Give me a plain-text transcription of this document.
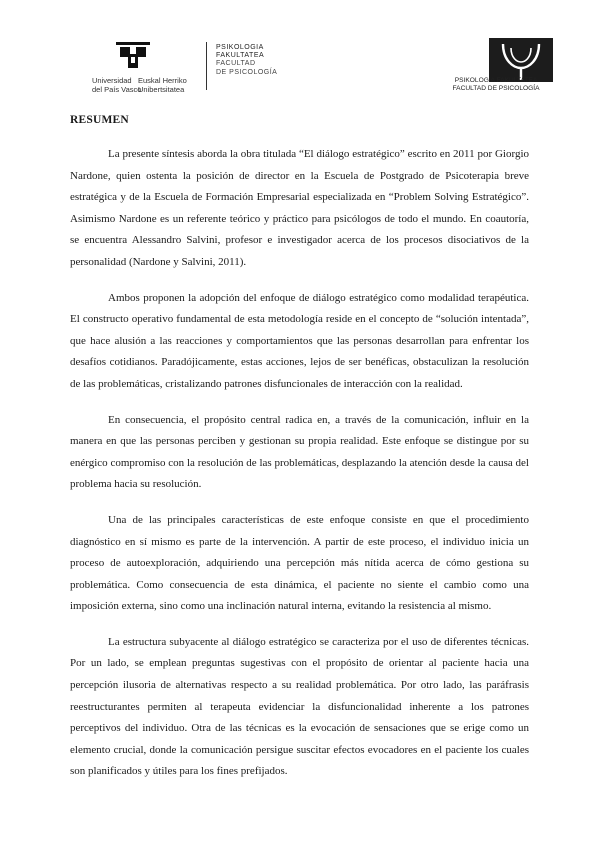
Universidad
del País Vasco
Euskal Herriko
Unibertsitatea
PSIKOLOGIA
FAKULTATEA
FACULTAD
DE PSICOLOGÍA
PSIKOLOGIA FAKULTATEA
FACULTAD DE PSICOLOGÍA
RESUMEN

La presente síntesis aborda la obra titulada “El diálogo estratégico” escrito en 2011 por Giorgio Nardone, quien ostenta la posición de director en la Escuela de Postgrado de Psicoterapia breve estratégica y de la Escuela de Formación Empresarial especializada en “Problem Solving Estratégico”. Asimismo Nardone es un referente teórico y práctico para psicólogos de todo el mundo. En coautoría, se encuentra Alessandro Salvini, profesor e investigador acerca de los procesos disociativos de la personalidad (Nardone y Salvini, 2011).

Ambos proponen la adopción del enfoque de diálogo estratégico como modalidad terapéutica. El constructo operativo fundamental de esta metodología reside en el concepto de “solución intentada”, que hace alusión a las reacciones y comportamientos que las personas desarrollan para enfrentar los desafíos cotidianos. Paradójicamente, estas acciones, lejos de ser benéficas, obstaculizan la resolución de las problemáticas, cristalizando patrones disfuncionales de interacción con la realidad.

En consecuencia, el propósito central radica en, a través de la comunicación, influir en la manera en que las personas perciben y gestionan su propia realidad. Este enfoque se distingue por su enérgico compromiso con la resolución de las problemáticas, desplazando la atención desde la causa del problema hacia su resolución.

Una de las principales características de este enfoque consiste en que el procedimiento diagnóstico en sí mismo es parte de la intervención. A partir de este proceso, el individuo inicia un proceso de autoexploración, adquiriendo una percepción más nítida acerca de cómo gestiona su problemática. Como consecuencia de esta dinámica, el paciente no siente el cambio como una imposición externa, sino como una inclinación natural interna, evitando la resistencia al mismo.

La estructura subyacente al diálogo estratégico se caracteriza por el uso de diferentes técnicas. Por un lado, se emplean preguntas sugestivas con el propósito de orientar al paciente hacia una percepción ilusoria de alternativas respecto a su realidad problemática. Por otro lado, las paráfrasis reestructurantes permiten al terapeuta evidenciar la disfuncionalidad inherente a los patrones perceptivos del individuo. Otra de las técnicas es la evocación de sensaciones que se erige como un elemento crucial, donde la comunicación persigue suscitar efectos evocadores en el paciente los cuales son planificados y útiles para los fines prefijados.
